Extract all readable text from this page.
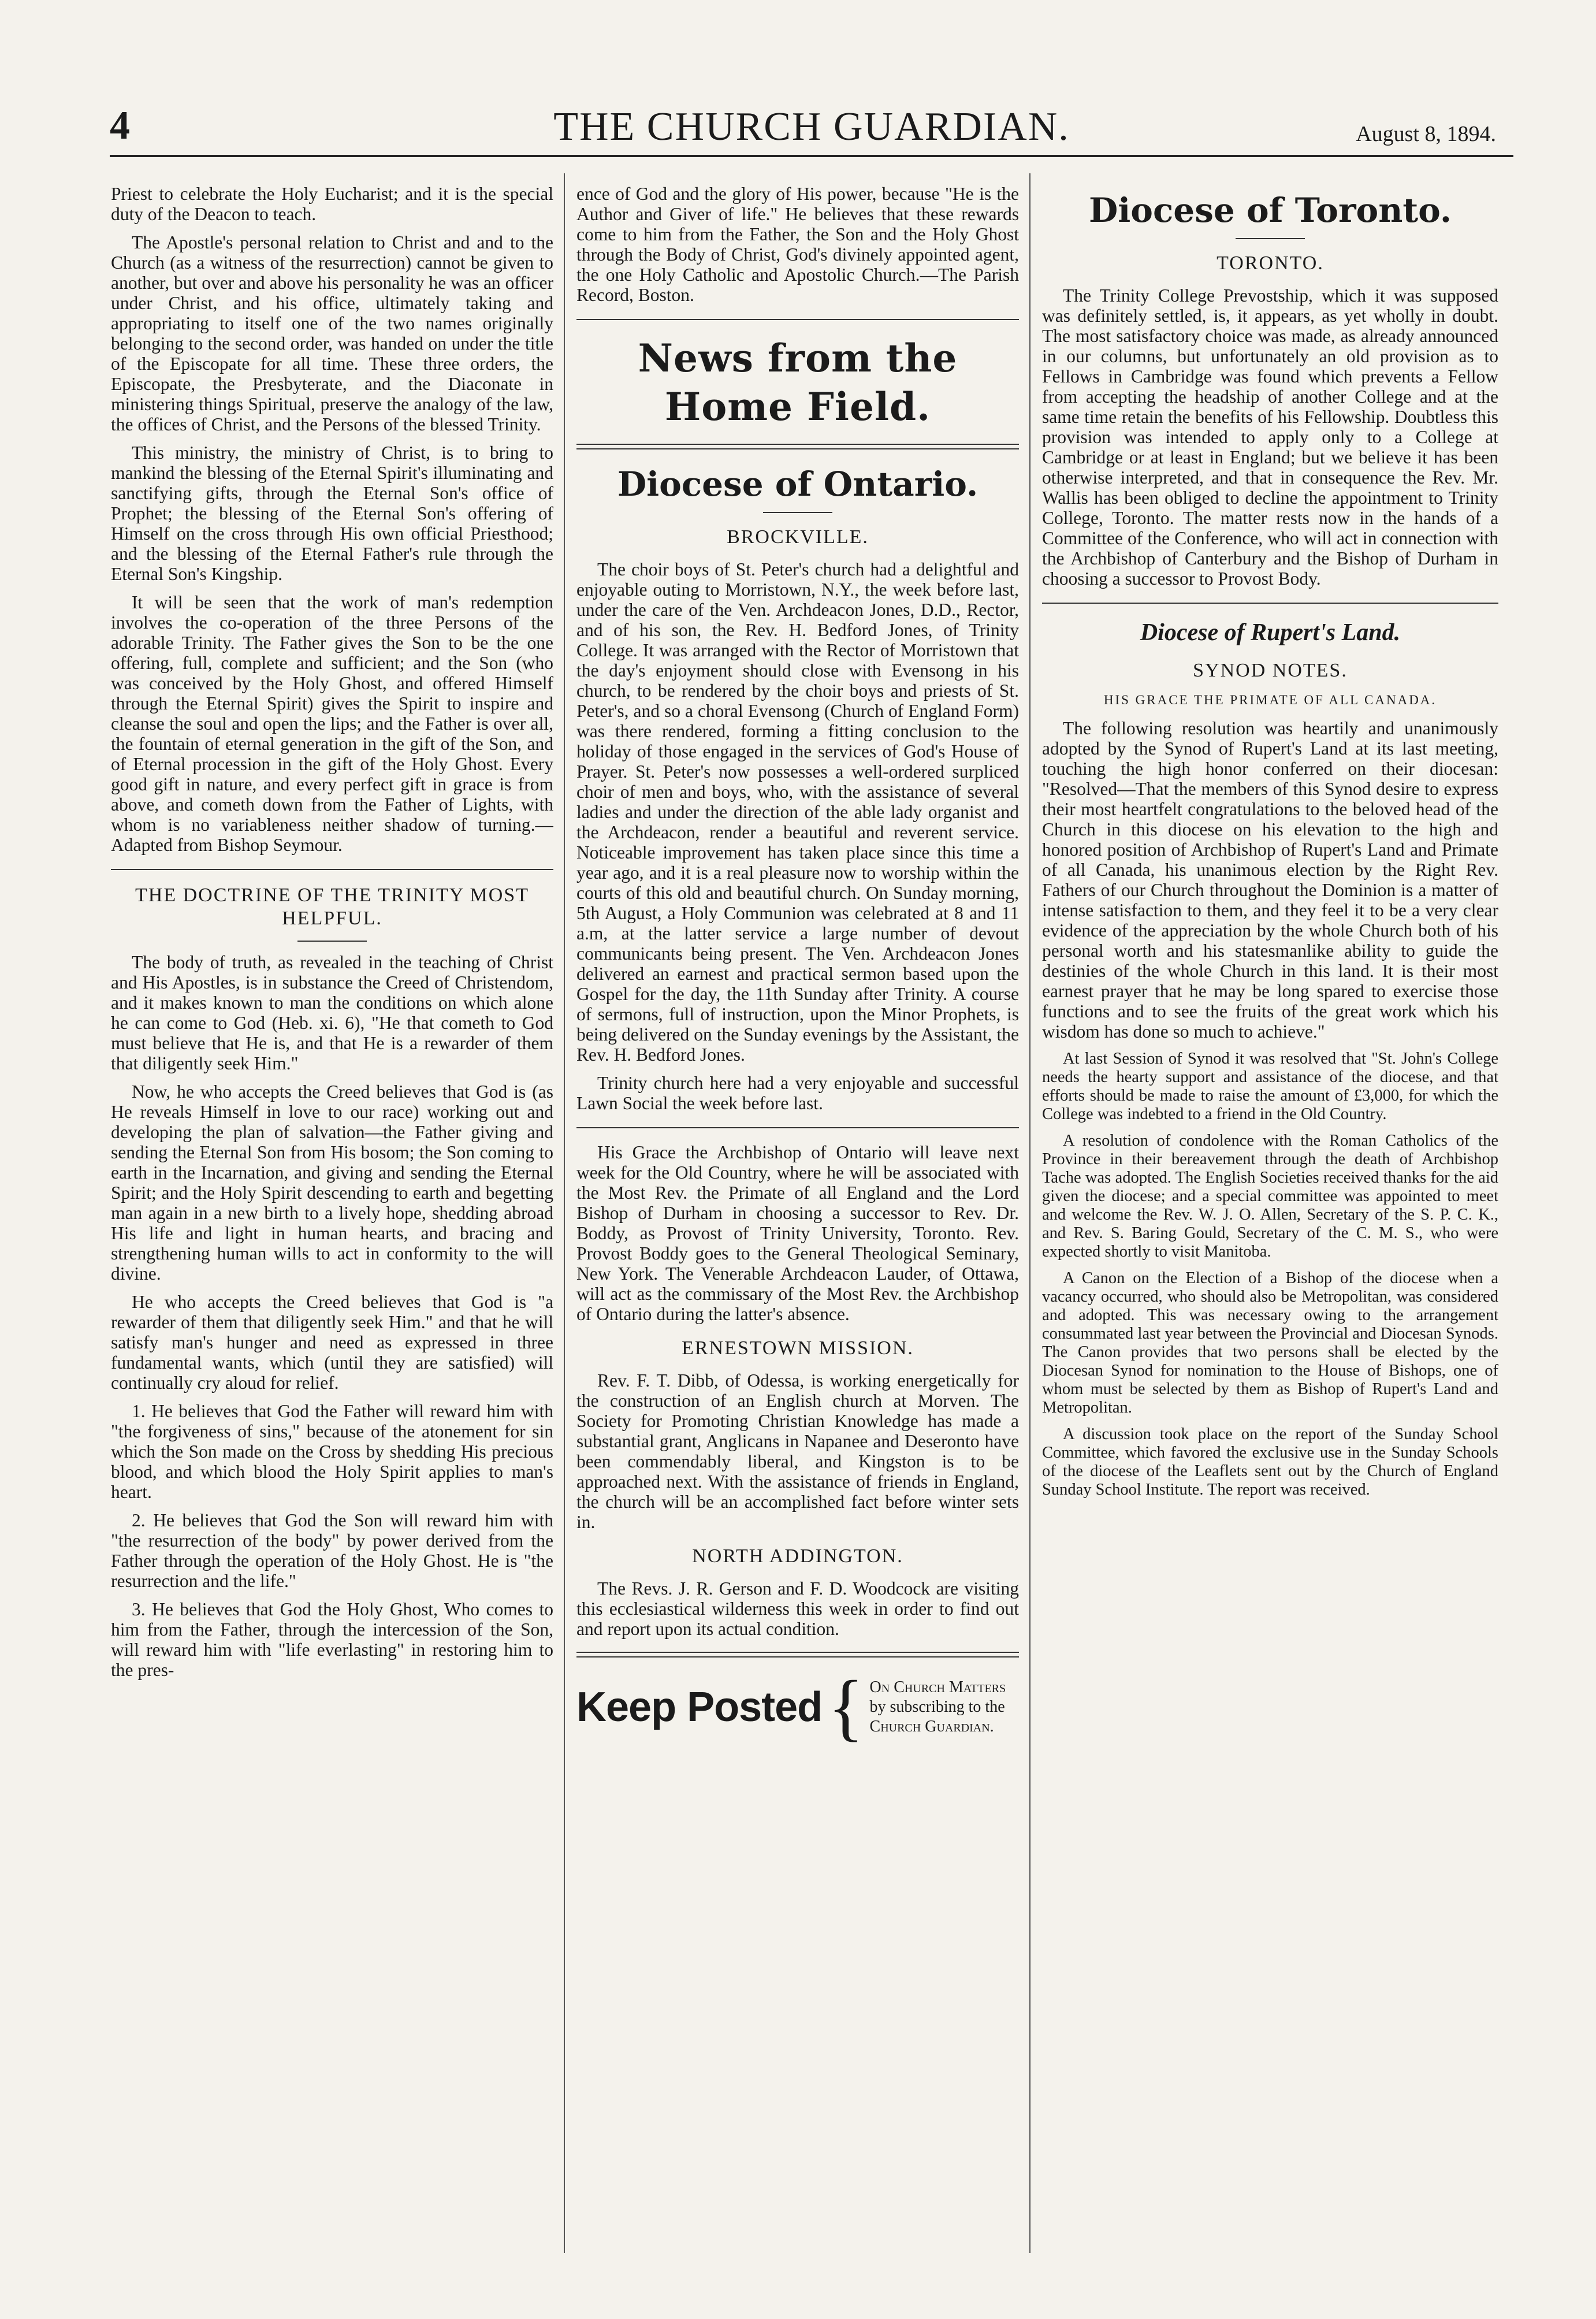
4	THE CHURCH GUARDIAN.	August 8, 1894.

Priest to celebrate the Holy Eucharist; and it is the special duty of the Deacon to teach.

The Apostle's personal relation to Christ and and to the Church (as a witness of the resurrection) cannot be given to another, but over and above his personality he was an officer under Christ, and his office, ultimately taking and appropriating to itself one of the two names originally belonging to the second order, was handed on under the title of the Episcopate for all time. These three orders, the Episcopate, the Presbyterate, and the Diaconate in ministering things Spiritual, preserve the analogy of the law, the offices of Christ, and the Persons of the blessed Trinity.

This ministry, the ministry of Christ, is to bring to mankind the blessing of the Eternal Spirit's illuminating and sanctifying gifts, through the Eternal Son's office of Prophet; the blessing of the Eternal Son's offering of Himself on the cross through His own official Priesthood; and the blessing of the Eternal Father's rule through the Eternal Son's Kingship.

It will be seen that the work of man's redemption involves the co-operation of the three Persons of the adorable Trinity. The Father gives the Son to be the one offering, full, complete and sufficient; and the Son (who was conceived by the Holy Ghost, and offered Himself through the Eternal Spirit) gives the Spirit to inspire and cleanse the soul and open the lips; and the Father is over all, the fountain of eternal generation in the gift of the Son, and of Eternal procession in the gift of the Holy Ghost. Every good gift in nature, and every perfect gift in grace is from above, and cometh down from the Father of Lights, with whom is no variableness neither shadow of turning.— Adapted from Bishop Seymour.

THE DOCTRINE OF THE TRINITY MOST HELPFUL.

The body of truth, as revealed in the teaching of Christ and His Apostles, is in substance the Creed of Christendom, and it makes known to man the conditions on which alone he can come to God (Heb. xi. 6), "He that cometh to God must believe that He is, and that He is a rewarder of them that diligently seek Him."

Now, he who accepts the Creed believes that God is (as He reveals Himself in love to our race) working out and developing the plan of salvation—the Father giving and sending the Eternal Son from His bosom; the Son coming to earth in the Incarnation, and giving and sending the Eternal Spirit; and the Holy Spirit descending to earth and begetting man again in a new birth to a lively hope, shedding abroad His life and light in human hearts, and bracing and strengthening human wills to act in conformity to the will divine.

He who accepts the Creed believes that God is "a rewarder of them that diligently seek Him." and that he will satisfy man's hunger and need as expressed in three fundamental wants, which (until they are satisfied) will continually cry aloud for relief.

1. He believes that God the Father will reward him with "the forgiveness of sins," because of the atonement for sin which the Son made on the Cross by shedding His precious blood, and which blood the Holy Spirit applies to man's heart.

2. He believes that God the Son will reward him with "the resurrection of the body" by power derived from the Father through the operation of the Holy Ghost. He is "the resurrection and the life."

3. He believes that God the Holy Ghost, Who comes to him from the Father, through the intercession of the Son, will reward him with "life everlasting" in restoring him to the pres-

ence of God and the glory of His power, because "He is the Author and Giver of life." He believes that these rewards come to him from the Father, the Son and the Holy Ghost through the Body of Christ, God's divinely appointed agent, the one Holy Catholic and Apostolic Church.—The Parish Record, Boston.

News from the Home Field.
Diocese of Ontario.
BROCKVILLE.

The choir boys of St. Peter's church had a delightful and enjoyable outing to Morristown, N.Y., the week before last, under the care of the Ven. Archdeacon Jones, D.D., Rector, and of his son, the Rev. H. Bedford Jones, of Trinity College. It was arranged with the Rector of Morristown that the day's enjoyment should close with Evensong in his church, to be rendered by the choir boys and priests of St. Peter's, and so a choral Evensong (Church of England Form) was there rendered, forming a fitting conclusion to the holiday of those engaged in the services of God's House of Prayer. St. Peter's now possesses a well-ordered surpliced choir of men and boys, who, with the assistance of several ladies and under the direction of the able lady organist and the Archdeacon, render a beautiful and reverent service. Noticeable improvement has taken place since this time a year ago, and it is a real pleasure now to worship within the courts of this old and beautiful church. On Sunday morning, 5th August, a Holy Communion was celebrated at 8 and 11 a.m, at the latter service a large number of devout communicants being present. The Ven. Archdeacon Jones delivered an earnest and practical sermon based upon the Gospel for the day, the 11th Sunday after Trinity. A course of sermons, full of instruction, upon the Minor Prophets, is being delivered on the Sunday evenings by the Assistant, the Rev. H. Bedford Jones.

Trinity church here had a very enjoyable and successful Lawn Social the week before last.

His Grace the Archbishop of Ontario will leave next week for the Old Country, where he will be associated with the Most Rev. the Primate of all England and the Lord Bishop of Durham in choosing a successor to Rev. Dr. Boddy, as Provost of Trinity University, Toronto. Rev. Provost Boddy goes to the General Theological Seminary, New York. The Venerable Archdeacon Lauder, of Ottawa, will act as the commissary of the Most Rev. the Archbishop of Ontario during the latter's absence.

ERNESTOWN MISSION.

Rev. F. T. Dibb, of Odessa, is working energetically for the construction of an English church at Morven. The Society for Promoting Christian Knowledge has made a substantial grant, Anglicans in Napanee and Deseronto have been commendably liberal, and Kingston is to be approached next. With the assistance of friends in England, the church will be an accomplished fact before winter sets in.

NORTH ADDINGTON.

The Revs. J. R. Gerson and F. D. Woodcock are visiting this ecclesiastical wilderness this week in order to find out and report upon its actual condition.

Keep Posted { On Church Matters
by subscribing to the
Church Guardian.
Diocese of Toronto.
TORONTO.

The Trinity College Prevostship, which it was supposed was definitely settled, is, it appears, as yet wholly in doubt. The most satisfactory choice was made, as already announced in our columns, but unfortunately an old provision as to Fellows in Cambridge was found which prevents a Fellow from accepting the headship of another College and at the same time retain the benefits of his Fellowship. Doubtless this provision was intended to apply only to a College at Cambridge or at least in England; but we believe it has been otherwise interpreted, and that in consequence the Rev. Mr. Wallis has been obliged to decline the appointment to Trinity College, Toronto. The matter rests now in the hands of a Committee of the Conference, who will act in connection with the Archbishop of Canterbury and the Bishop of Durham in choosing a successor to Provost Body.

Diocese of Rupert's Land.
SYNOD NOTES.
HIS GRACE THE PRIMATE OF ALL CANADA.

The following resolution was heartily and unanimously adopted by the Synod of Rupert's Land at its last meeting, touching the high honor conferred on their diocesan: "Resolved—That the members of this Synod desire to express their most heartfelt congratulations to the beloved head of the Church in this diocese on his elevation to the high and honored position of Archbishop of Rupert's Land and Primate of all Canada, his unanimous election by the Right Rev. Fathers of our Church throughout the Dominion is a matter of intense satisfaction to them, and they feel it to be a very clear evidence of the appreciation by the whole Church both of his personal worth and his statesmanlike ability to guide the destinies of the whole Church in this land. It is their most earnest prayer that he may be long spared to exercise those functions and to see the fruits of the great work which his wisdom has done so much to achieve."

At last Session of Synod it was resolved that "St. John's College needs the hearty support and assistance of the diocese, and that efforts should be made to raise the amount of £3,000, for which the College was indebted to a friend in the Old Country.

A resolution of condolence with the Roman Catholics of the Province in their bereavement through the death of Archbishop Tache was adopted. The English Societies received thanks for the aid given the diocese; and a special committee was appointed to meet and welcome the Rev. W. J. O. Allen, Secretary of the S. P. C. K., and Rev. S. Baring Gould, Secretary of the C. M. S., who were expected shortly to visit Manitoba.

A Canon on the Election of a Bishop of the diocese when a vacancy occurred, who should also be Metropolitan, was considered and adopted. This was necessary owing to the arrangement consummated last year between the Provincial and Diocesan Synods. The Canon provides that two persons shall be elected by the Diocesan Synod for nomination to the House of Bishops, one of whom must be selected by them as Bishop of Rupert's Land and Metropolitan.

A discussion took place on the report of the Sunday School Committee, which favored the exclusive use in the Sunday Schools of the diocese of the Leaflets sent out by the Church of England Sunday School Institute. The report was received.
